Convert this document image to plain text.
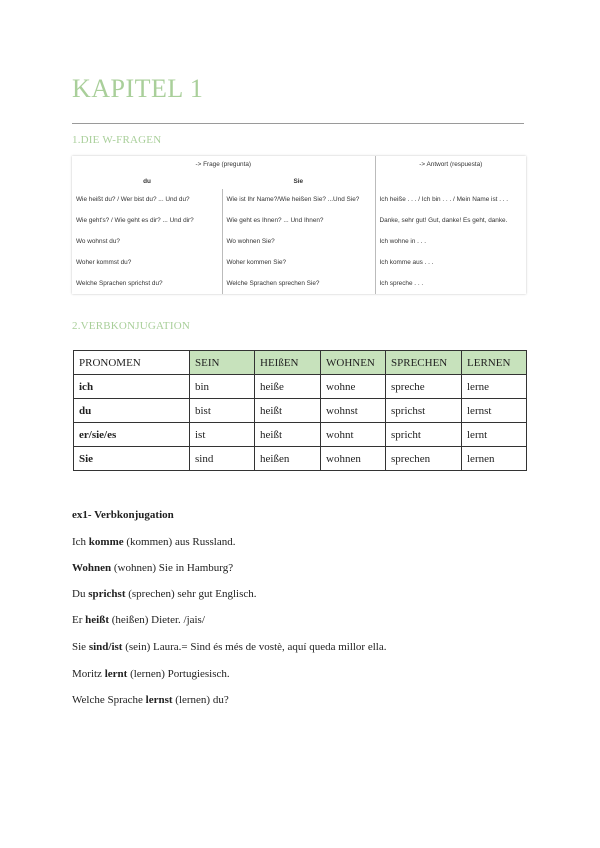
KAPITEL 1
1.DIE W-FRAGEN
-> Frage (pregunta)		-> Antwort (respuesta)
du	Sie	
Wie heißt du? / Wer bist du? ... Und du?	Wie ist Ihr Name?/Wie heißen Sie? ...Und Sie?	Ich heiße . . . / Ich bin . . . / Mein Name ist . . .
Wie geht's? / Wie geht es dir? ... Und dir?	Wie geht es Ihnen? ... Und Ihnen?	Danke, sehr gut! Gut, danke! Es geht, danke.
Wo wohnst du?	Wo wohnen Sie?	Ich wohne in . . .
Woher kommst du?	Woher kommen Sie?	Ich komme aus . . .
Welche Sprachen sprichst du?	Welche Sprachen sprechen Sie?	Ich spreche . . .
2.VERBKONJUGATION
PRONOMEN	SEIN	HEIßEN	WOHNEN	SPRECHEN	LERNEN
ich	bin	heiße	wohne	spreche	lerne
du	bist	heißt	wohnst	sprichst	lernst
er/sie/es	ist	heißt	wohnt	spricht	lernt
Sie	sind	heißen	wohnen	sprechen	lernen
ex1- Verbkonjugation
Ich komme (kommen) aus Russland.
Wohnen (wohnen) Sie in Hamburg?
Du sprichst (sprechen) sehr gut Englisch.
Er heißt (heißen) Dieter. /jais/
Sie sind/ist (sein) Laura.= Sind és més de vostè, aquí queda millor ella.
Moritz lernt (lernen) Portugiesisch.
Welche Sprache lernst (lernen) du?
